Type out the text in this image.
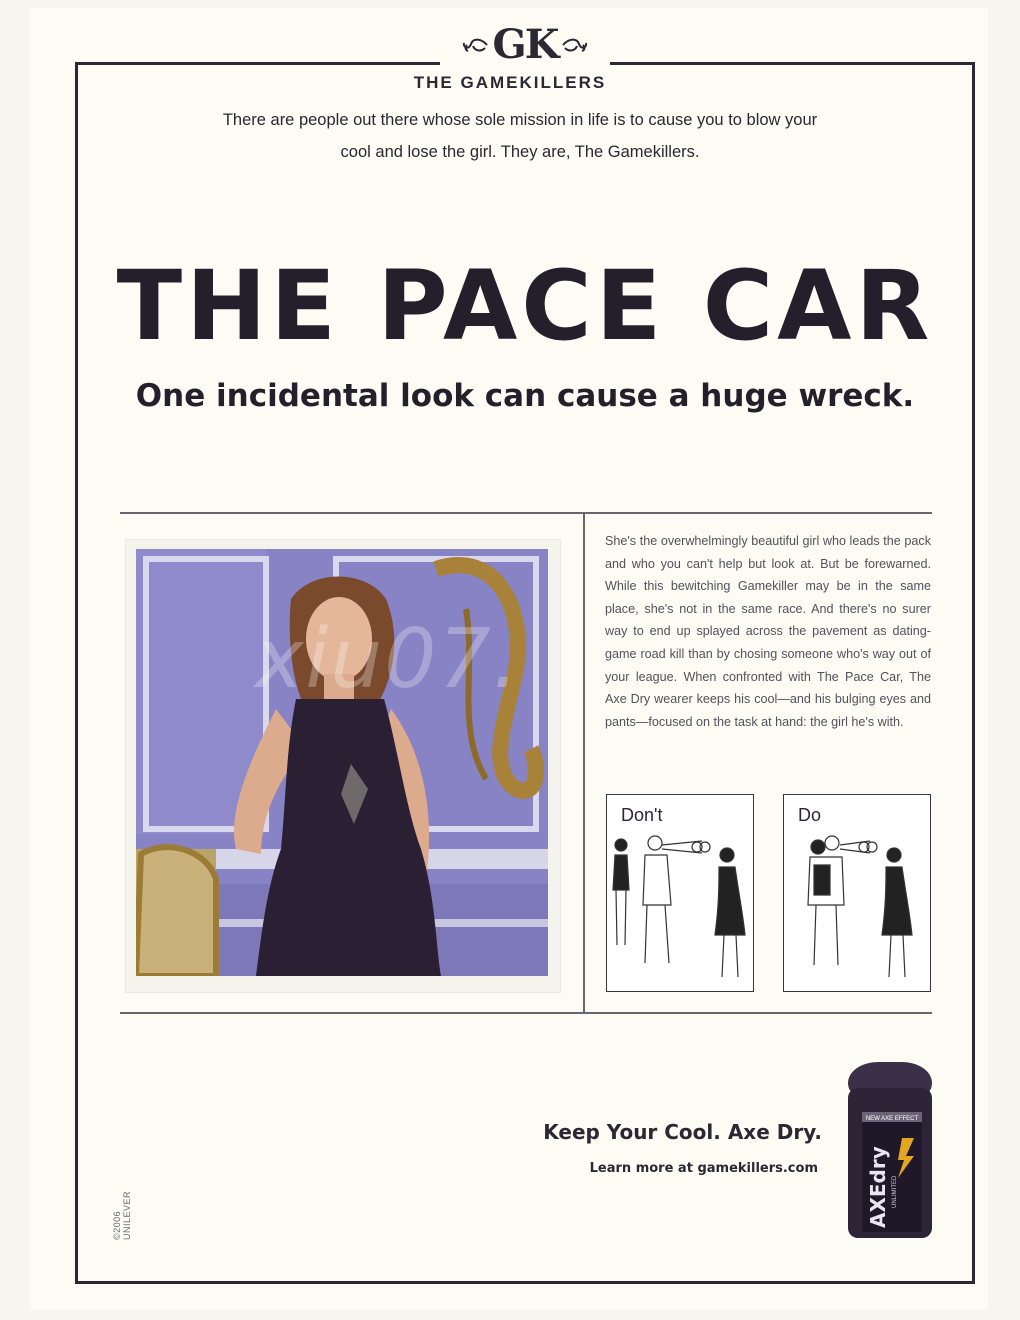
GK
THE GAMEKILLERS
There are people out there whose sole mission in life is to cause you to blow your cool and lose the girl. They are, The Gamekillers.
THE PACE CAR
One incidental look can cause a huge wreck.
xiu07.
She's the overwhelmingly beautiful girl who leads the pack and who you can't help but look at. But be forewarned. While this bewitching Gamekiller may be in the same place, she's not in the same race. And there's no surer way to end up splayed across the pavement as dating-game road kill than by chosing someone who's way out of your league. When confronted with The Pace Car, The Axe Dry wearer keeps his cool—and his bulging eyes and pants—focused on the task at hand: the girl he's with.
Don't	Do
Keep Your Cool. Axe Dry.
Learn more at gamekillers.com
©2006 UNILEVER
NEW AXE EFFECT
AXEdry UNLIMITED
